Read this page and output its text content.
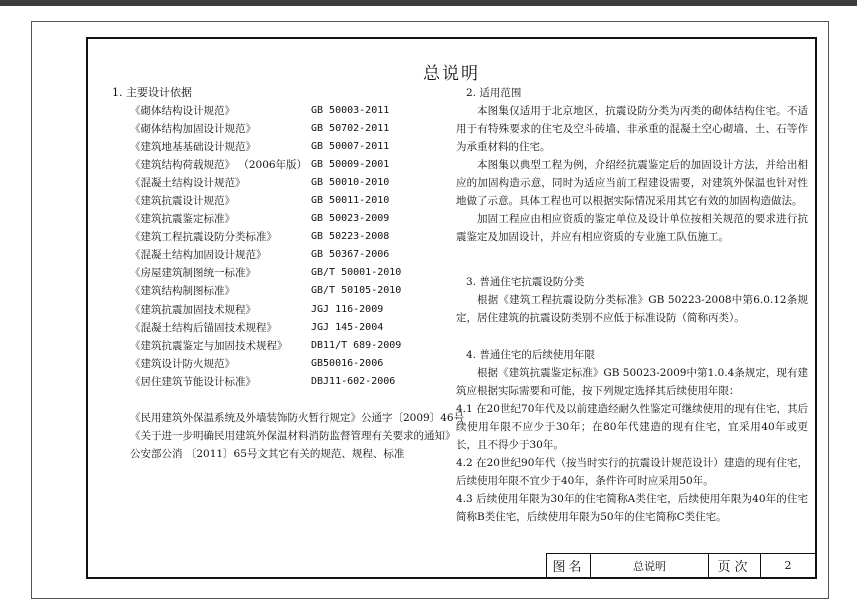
总说明
1. 主要设计依据
《砌体结构设计规范》	GB 50003-2011
《砌体结构加固设计规范》	GB 50702-2011
《建筑地基基础设计规范》	GB 50007-2011
《建筑结构荷载规范》 （2006年版） GB 50009-2001
《混凝土结构设计规范》	GB 50010-2010
《建筑抗震设计规范》	GB 50011-2010
《建筑抗震鉴定标准》	GB 50023-2009
《建筑工程抗震设防分类标准》	GB 50223-2008
《混凝土结构加固设计规范》	GB 50367-2006
《房屋建筑制图统一标准》	GB/T 50001-2010
《建筑结构制图标准》	GB/T 50105-2010
《建筑抗震加固技术规程》	JGJ 116-2009
《混凝土结构后锚固技术规程》	JGJ 145-2004
《建筑抗震鉴定与加固技术规程》 DB11/T 689-2009
《建筑设计防火规范》	GB50016-2006
《居住建筑节能设计标准》	DBJ11-602-2006
《民用建筑外保温系统及外墙装饰防火暂行规定》公通字〔2009〕46号
《关于进一步明确民用建筑外保温材料消防监督管理有关要求的通知》
公安部公消 〔2011〕65号文其它有关的规范、规程、标准
2. 适用范围
本图集仅适用于北京地区，抗震设防分类为丙类的砌体结构住宅。不适用于有特殊要求的住宅及空斗砖墙、非承重的混凝土空心砌墙、土、石等作为承重材料的住宅。
本图集以典型工程为例，介绍经抗震鉴定后的加固设计方法，并给出相应的加固构造示意，同时为适应当前工程建设需要，对建筑外保温也针对性地做了示意。具体工程也可以根据实际情况采用其它有效的加固构造做法。
加固工程应由相应资质的鉴定单位及设计单位按相关规范的要求进行抗震鉴定及加固设计，并应有相应资质的专业施工队伍施工。
3. 普通住宅抗震设防分类
根据《建筑工程抗震设防分类标准》GB 50223-2008中第6.0.12条规定，居住建筑的抗震设防类别不应低于标准设防（简称丙类）。
4. 普通住宅的后续使用年限
根据《建筑抗震鉴定标准》GB 50023-2009中第1.0.4条规定，现有建筑应根据实际需要和可能，按下列规定选择其后续使用年限：
4.1 在20世纪70年代及以前建造经耐久性鉴定可继续使用的现有住宅，其后续使用年限不应少于30年；在80年代建造的现有住宅，宜采用40年或更长，且不得少于30年。
4.2 在20世纪90年代（按当时实行的抗震设计规范设计）建造的现有住宅，后续使用年限不宜少于40年，条件许可时应采用50年。
4.3 后续使用年限为30年的住宅简称A类住宅，后续使用年限为40年的住宅简称B类住宅，后续使用年限为50年的住宅简称C类住宅。
图名	总说明	页次	2
